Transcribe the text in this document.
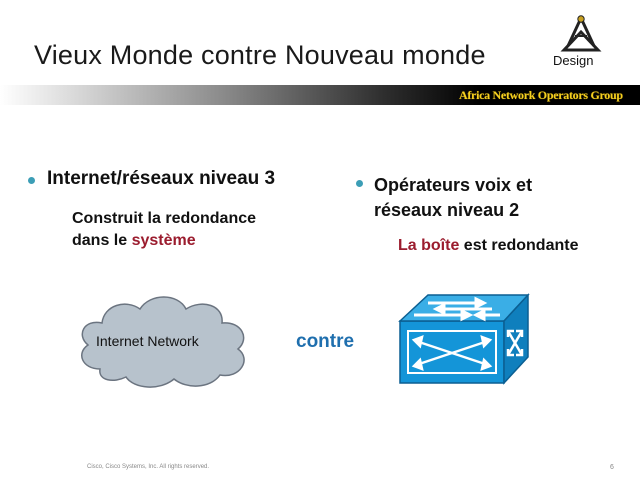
Vieux Monde contre Nouveau monde	Design
Africa Network Operators Group
Internet/réseaux niveau 3
Construit la redondance
dans le système
Opérateurs voix et
réseaux niveau 2
La boîte est redondante
Internet Network	contre
Cisco, Cisco Systems, Inc. All rights reserved.	6
